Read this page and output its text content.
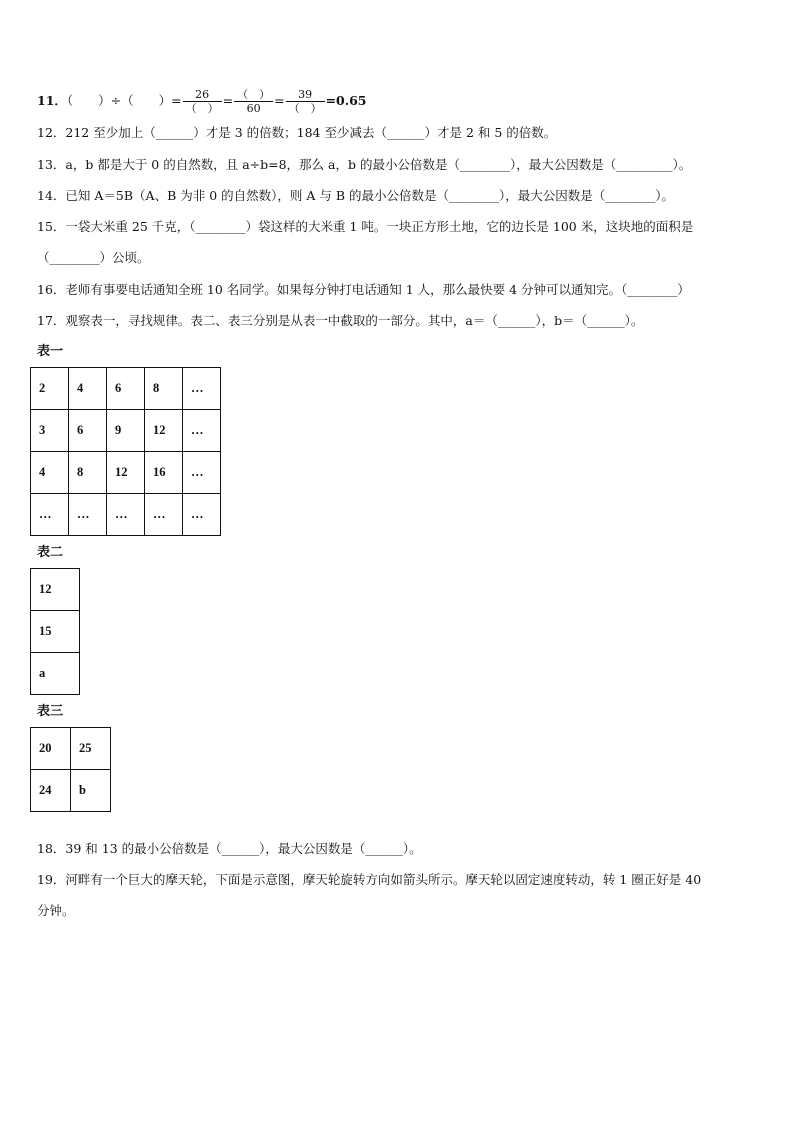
11．（　　）÷（　　）= $\frac{26}{( )} = \frac{( )}{60} = \frac{39}{( )} =0.65$
12．212 至少加上（______）才是 3 的倍数；184 至少减去（______）才是 2 和 5 的倍数。
13．a，b 都是大于 0 的自然数，且 a÷b=8，那么 a，b 的最小公倍数是（________），最大公因数是（_________）。
14．已知 A＝5B（A、B 为非 0 的自然数），则 A 与 B 的最小公倍数是（________），最大公因数是（________）。
15．一袋大米重 25 千克，（________）袋这样的大米重 1 吨。一块正方形土地，它的边长是 100 米，这块地的面积是
（________）公顷。
16．老师有事要电话通知全班 10 名同学。如果每分钟打电话通知 1 人，那么最快要 4 分钟可以通知完。（________）
17．观察表一，寻找规律。表二、表三分别是从表一中截取的一部分。其中，a＝（______），b＝（______）。
表一
2	4	6	8	…
3	6	9	12	…
4	8	12	16	…
…	…	…	…	…
表二
12
15
a
表三
20	25
24	b
18．39 和 13 的最小公倍数是（______），最大公因数是（______）。
19．河畔有一个巨大的摩天轮，下面是示意图，摩天轮旋转方向如箭头所示。摩天轮以固定速度转动，转 1 圈正好是 40
分钟。
